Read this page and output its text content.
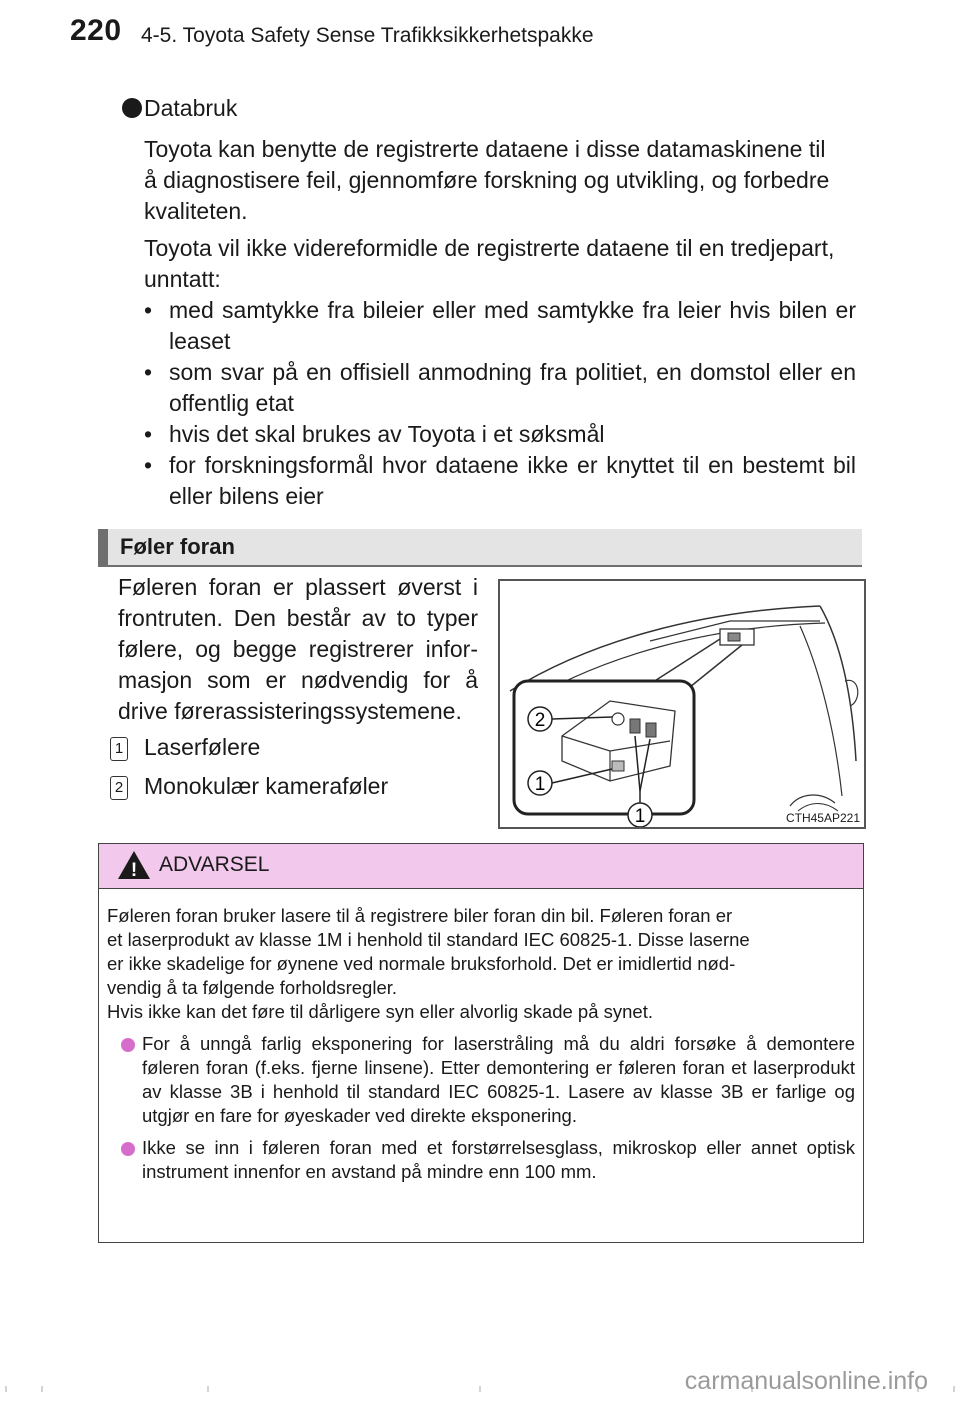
220 4-5. Toyota Safety Sense Trafikksikkerhetspakke
Databruk
Toyota kan benytte de registrerte dataene i disse datamaskinene til
å diagnostisere feil, gjennomføre forskning og utvikling, og forbedre
kvaliteten.
Toyota vil ikke videreformidle de registrerte dataene til en tredjepart,
unntatt:
• med samtykke fra bileier eller med samtykke fra leier hvis bilen er leaset
• som svar på en offisiell anmodning fra politiet, en domstol eller en offentlig etat
• hvis det skal brukes av Toyota i et søksmål
• for forskningsformål hvor dataene ikke er knyttet til en bestemt bil eller bilens eier
Føler foran
Føleren foran er plassert øverst i frontruten. Den består av to typer følere, og begge registrerer infor-masjon som er nødvendig for å drive førerassisteringssystemene.
1 Laserfølere
2 Monokulær kameraføler
2
1
1	CTH45AP221
! ADVARSEL
Føleren foran bruker lasere til å registrere biler foran din bil. Føleren foran er
et laserprodukt av klasse 1M i henhold til standard IEC 60825-1. Disse laserne
er ikke skadelige for øynene ved normale bruksforhold. Det er imidlertid nød-
vendig å ta følgende forholdsregler.
Hvis ikke kan det føre til dårligere syn eller alvorlig skade på synet.
For å unngå farlig eksponering for laserstråling må du aldri forsøke å demontere føleren foran (f.eks. fjerne linsene). Etter demontering er føleren foran et laserprodukt av klasse 3B i henhold til standard IEC 60825-1. Lasere av klasse 3B er farlige og utgjør en fare for øyeskader ved direkte eksponering.
Ikke se inn i føleren foran med et forstørrelsesglass, mikroskop eller annet optisk instrument innenfor en avstand på mindre enn 100 mm.
carmanualsonline.info
